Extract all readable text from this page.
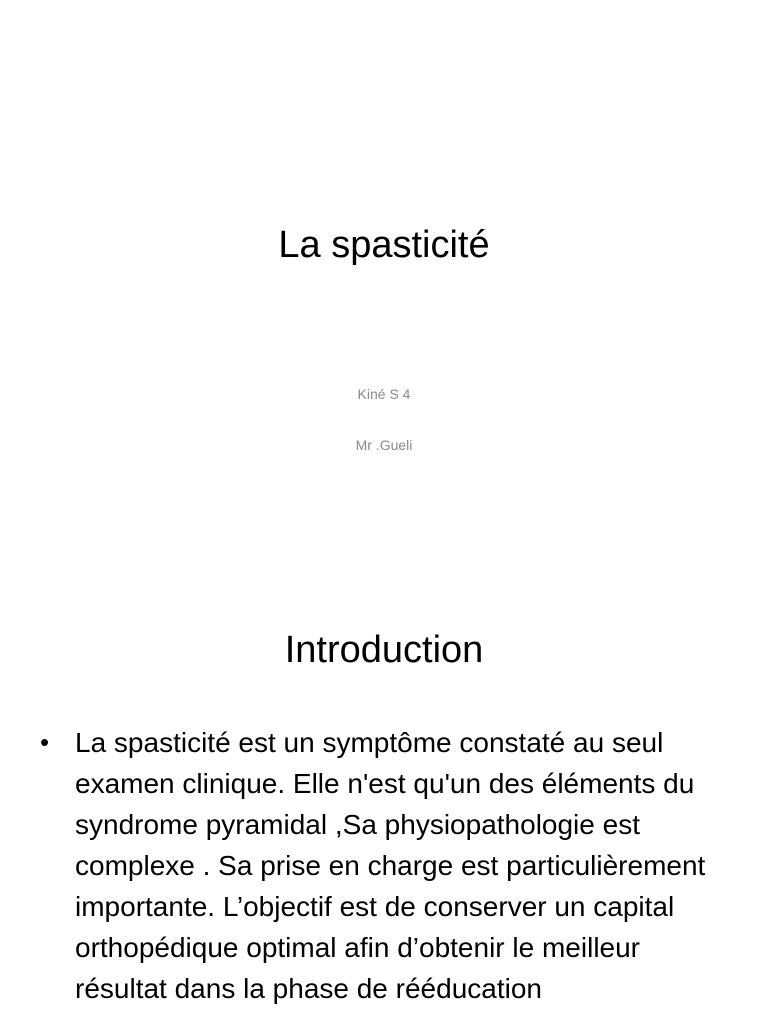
La spasticité
Kiné S 4
Mr .Gueli
Introduction
• La spasticité est un symptôme constaté au seul examen clinique. Elle n'est qu'un des éléments du syndrome pyramidal ,Sa physiopathologie est complexe . Sa prise en charge est particulièrement importante. L’objectif est de conserver un capital orthopédique optimal afin d’obtenir le meilleur résultat dans la phase de rééducation
